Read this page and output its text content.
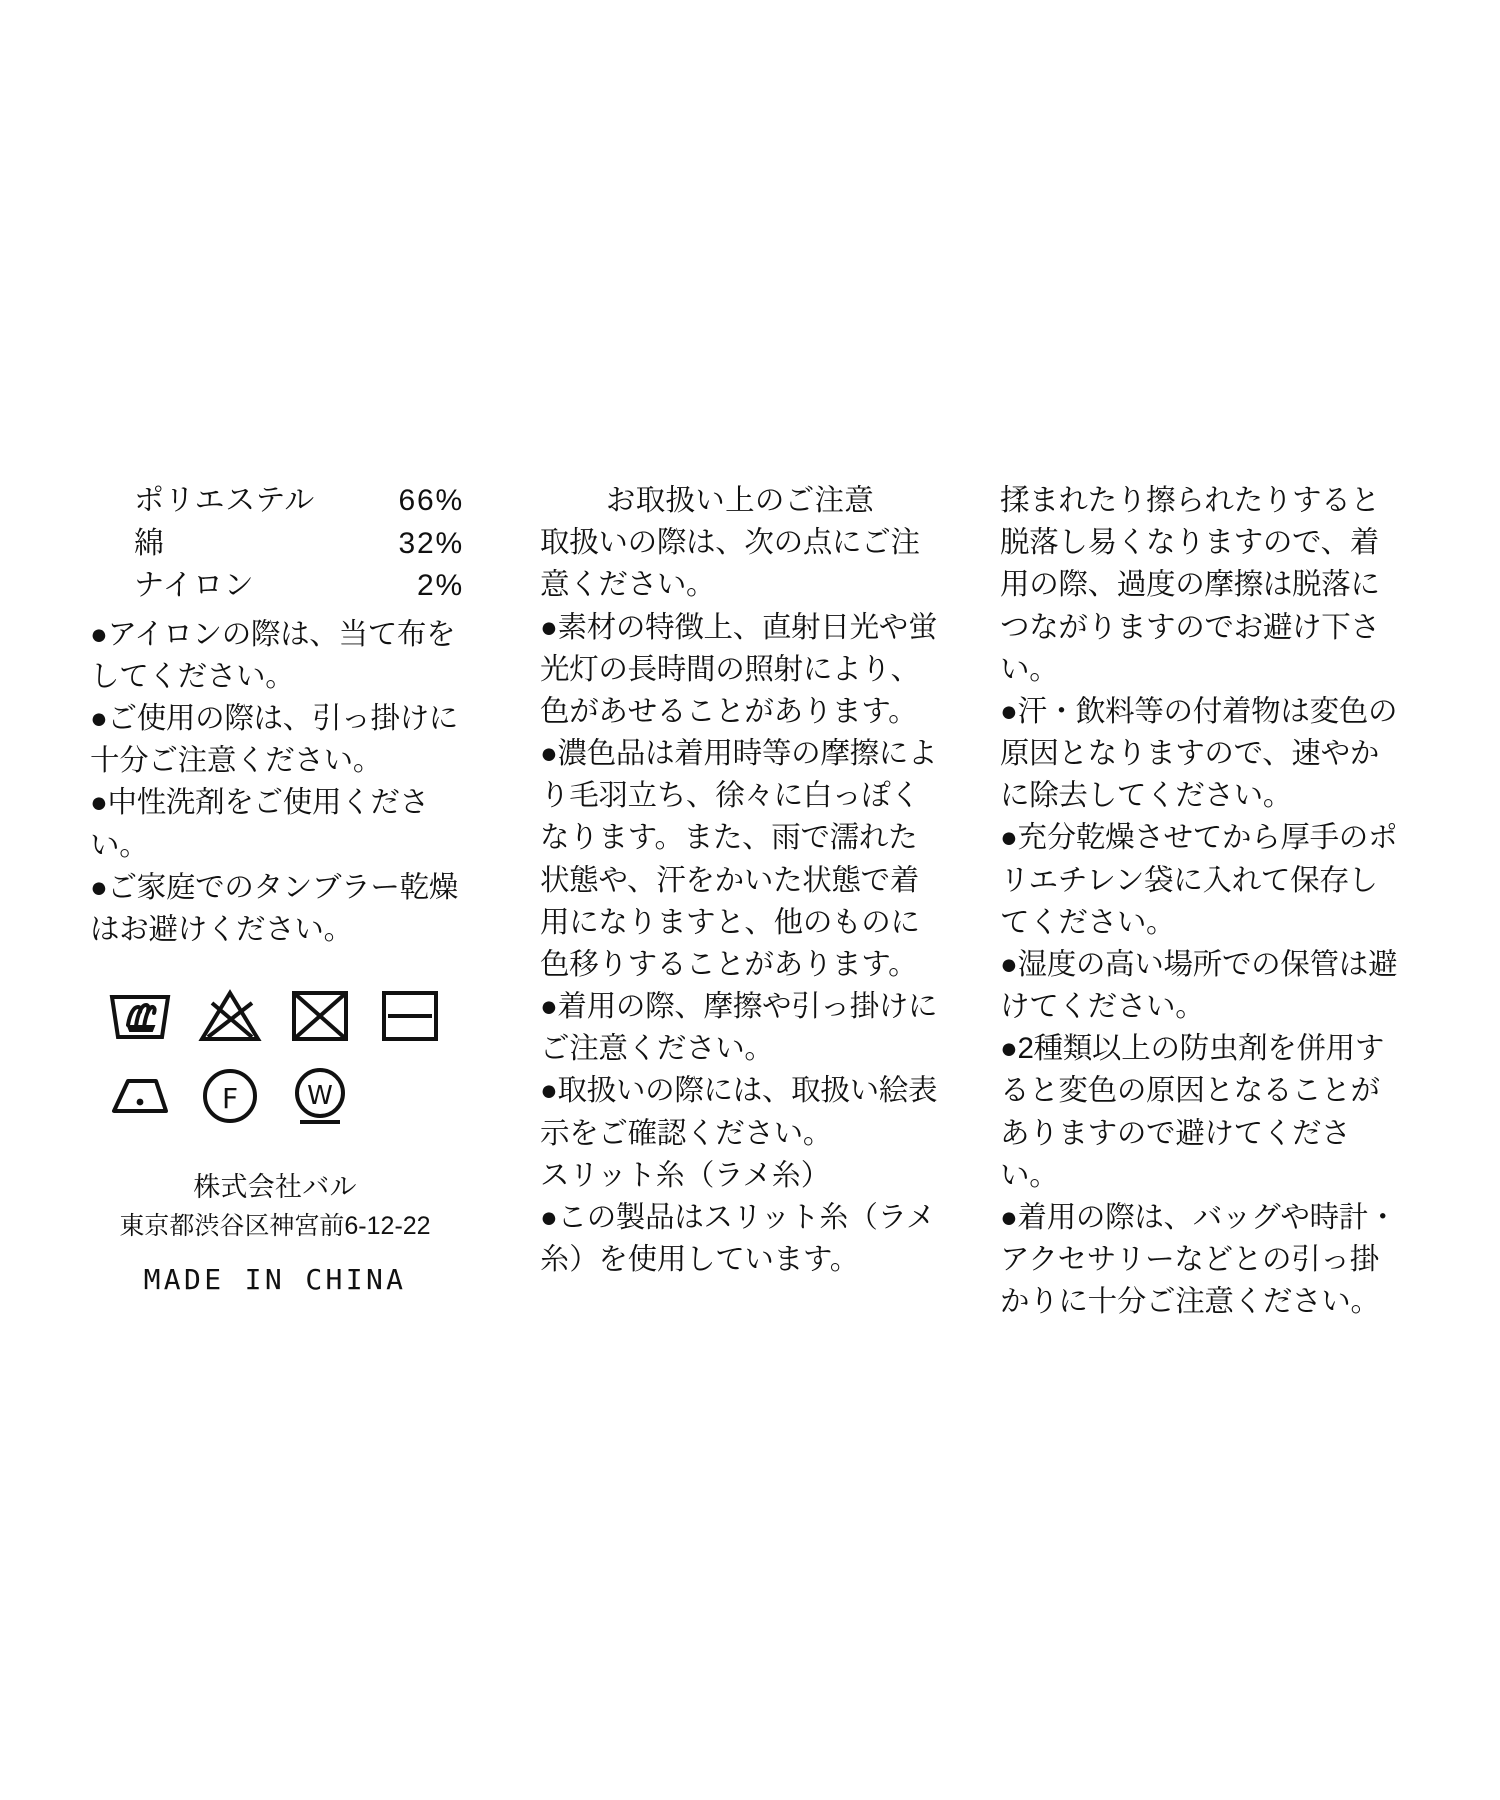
ポリエステル	66%
綿	32%
ナイロン	2%

●アイロンの際は、当て布をしてください。

●ご使用の際は、引っ掛けに十分ご注意ください。

●中性洗剤をご使用ください。

●ご家庭でのタンブラー乾燥はお避けください。

F	W
株式会社バル
東京都渋谷区神宮前6-12-22
MADE IN CHINA
お取扱い上のご注意

取扱いの際は、次の点にご注意ください。

●素材の特徴上、直射日光や蛍光灯の長時間の照射により、色があせることがあります。

●濃色品は着用時等の摩擦により毛羽立ち、徐々に白っぽくなります。また、雨で濡れた状態や、汗をかいた状態で着用になりますと、他のものに色移りすることがあります。

●着用の際、摩擦や引っ掛けにご注意ください。

●取扱いの際には、取扱い絵表示をご確認ください。

スリット糸（ラメ糸）

●この製品はスリット糸（ラメ糸）を使用しています。

揉まれたり擦られたりすると脱落し易くなりますので、着用の際、過度の摩擦は脱落につながりますのでお避け下さい。

●汗・飲料等の付着物は変色の原因となりますので、速やかに除去してください。

●充分乾燥させてから厚手のポリエチレン袋に入れて保存してください。

●湿度の高い場所での保管は避けてください。

●2種類以上の防虫剤を併用すると変色の原因となることがありますので避けてください。

●着用の際は、バッグや時計・アクセサリーなどとの引っ掛かりに十分ご注意ください。
